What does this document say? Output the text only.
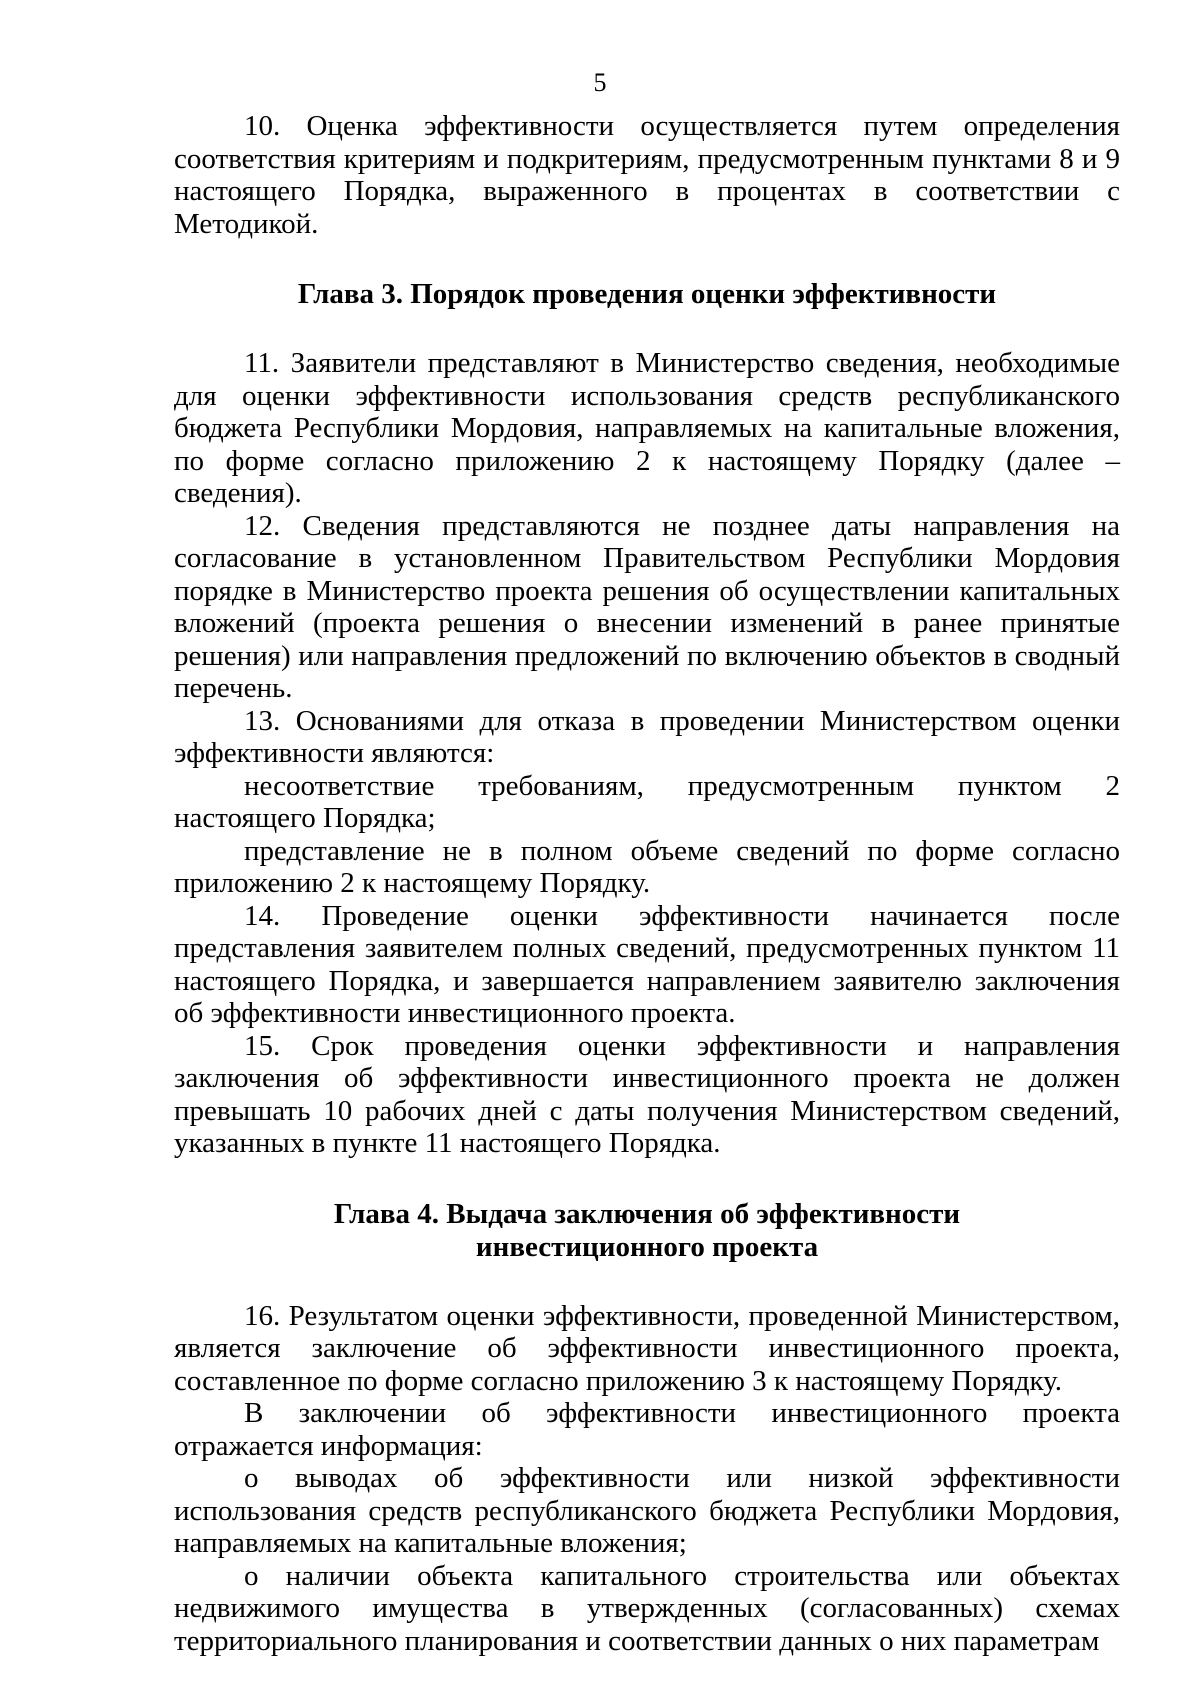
5

10. Оценка эффективности осуществляется путем определения соответствия критериям и подкритериям, предусмотренным пунктами 8 и 9 настоящего Порядка, выраженного в процентах в соответствии с Методикой.

Глава 3. Порядок проведения оценки эффективности

11. Заявители представляют в Министерство сведения, необходимые для оценки эффективности использования средств республиканского бюджета Республики Мордовия, направляемых на капитальные вложения, по форме согласно приложению 2 к настоящему Порядку (далее – сведения).

12. Сведения представляются не позднее даты направления на согласование в установленном Правительством Республики Мордовия порядке в Министерство проекта решения об осуществлении капитальных вложений (проекта решения о внесении изменений в ранее принятые решения) или направления предложений по включению объектов в сводный перечень.

13. Основаниями для отказа в проведении Министерством оценки эффективности являются:

несоответствие требованиям, предусмотренным пунктом 2 настоящего Порядка;

представление не в полном объеме сведений по форме согласно приложению 2 к настоящему Порядку.

14. Проведение оценки эффективности начинается после представления заявителем полных сведений, предусмотренных пунктом 11 настоящего Порядка, и завершается направлением заявителю заключения об эффективности инвестиционного проекта.

15. Срок проведения оценки эффективности и направления заключения об эффективности инвестиционного проекта не должен превышать 10 рабочих дней с даты получения Министерством сведений, указанных в пункте 11 настоящего Порядка.

Глава 4. Выдача заключения об эффективности

инвестиционного проекта

16. Результатом оценки эффективности, проведенной Министерством, является заключение об эффективности инвестиционного проекта, составленное по форме согласно приложению 3 к настоящему Порядку.

В заключении об эффективности инвестиционного проекта отражается информация:

о выводах об эффективности или низкой эффективности использования средств республиканского бюджета Республики Мордовия, направляемых на капитальные вложения;

о наличии объекта капитального строительства или объектах недвижимого имущества в утвержденных (согласованных) схемах территориального планирования и соответствии данных о них параметрам
